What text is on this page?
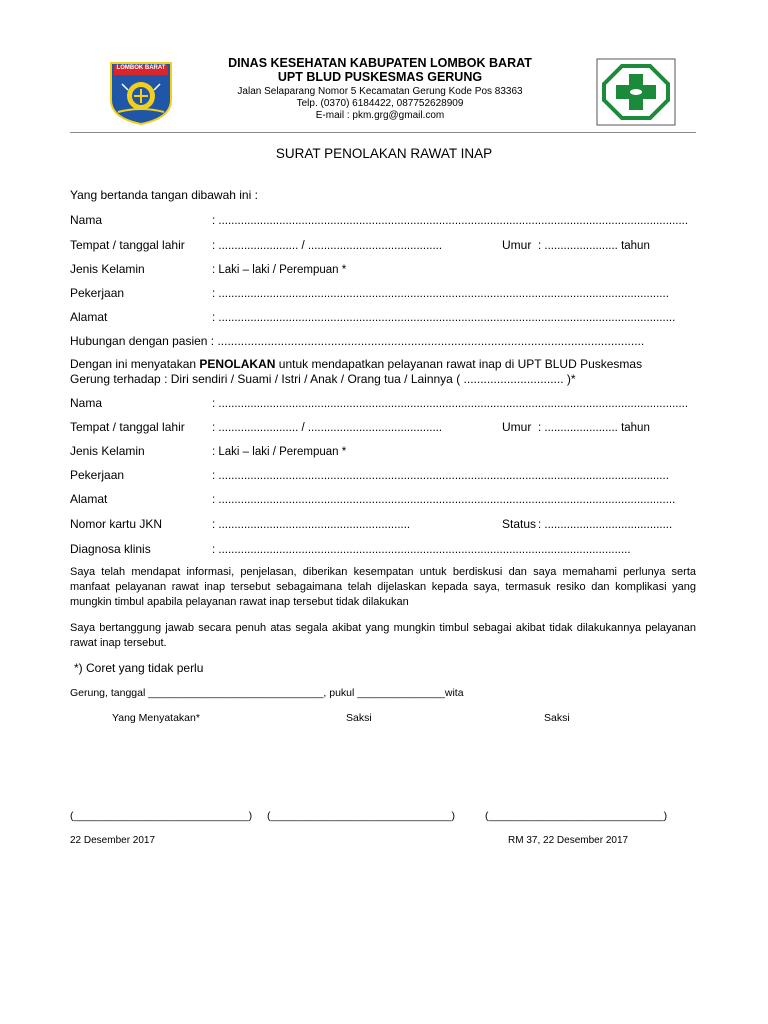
LOMBOK BARAT	DINAS KESEHATAN KABUPATEN LOMBOK BARAT
UPT BLUD PUSKESMAS GERUNG
Jalan Selaparang Nomor 5 Kecamatan Gerung Kode Pos 83363
Telp. (0370) 6184422, 087752628909
E-mail : pkm.grg@gmail.com
SURAT PENOLAKAN RAWAT INAP
Yang bertanda tangan dibawah ini :
Nama	: ...................................................................................................................................................
Tempat / tanggal lahir : ......................... / ..........................................	Umur : ....................... tahun
Jenis Kelamin	: Laki – laki / Perempuan *
Pekerjaan	: .............................................................................................................................................
Alamat	: ...............................................................................................................................................
Hubungan dengan pasien : ................................................................................................................................
Dengan ini menyatakan PENOLAKAN untuk mendapatkan pelayanan rawat inap di UPT BLUD Puskesmas
Gerung terhadap : Diri sendiri / Suami / Istri / Anak / Orang tua / Lainnya ( .............................. )*
Nama	: ...................................................................................................................................................
Tempat / tanggal lahir : ......................... / ..........................................	Umur : ....................... tahun
Jenis Kelamin	: Laki – laki / Perempuan *
Pekerjaan	: .............................................................................................................................................
Alamat	: ...............................................................................................................................................
Nomor kartu JKN	: ............................................................	Status : ........................................
Diagnosa klinis	: .................................................................................................................................
Saya telah mendapat informasi, penjelasan, diberikan kesempatan untuk berdiskusi dan saya memahami perlunya serta manfaat pelayanan rawat inap tersebut sebagaimana telah dijelaskan kepada saya, termasuk resiko dan komplikasi yang mungkin timbul apabila pelayanan rawat inap tersebut tidak dilakukan
Saya bertanggung jawab secara penuh atas segala akibat yang mungkin timbul sebagai akibat tidak dilakukannya pelayanan rawat inap tersebut.
*) Coret yang tidak perlu
Gerung, tanggal ______________________________, pukul _______________wita
Yang Menyatakan*	Saksi	Saksi
(______________________________) (_______________________________)	(______________________________)
22 Desember 2017	RM 37, 22 Desember 2017
